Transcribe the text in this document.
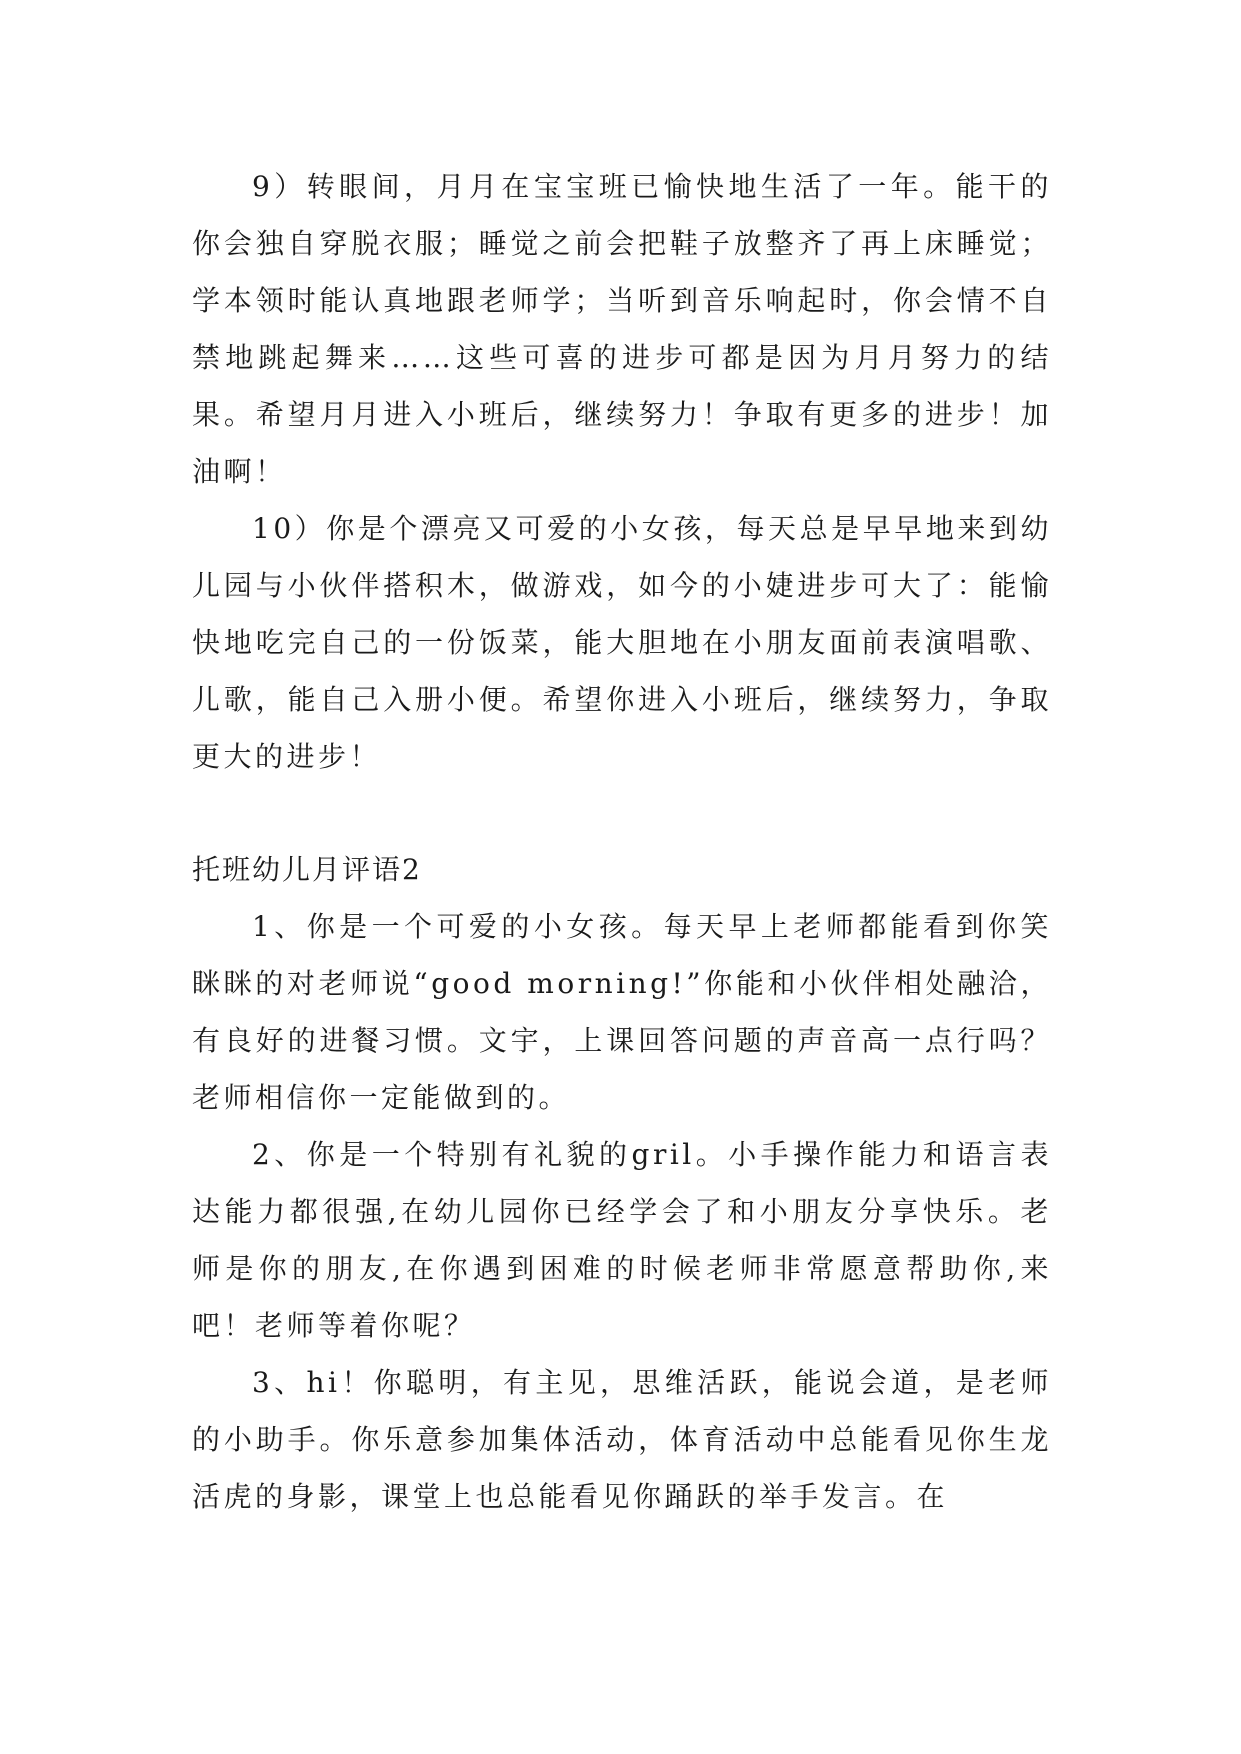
9）转眼间，月月在宝宝班已愉快地生活了一年。能干的你会独自穿脱衣服；睡觉之前会把鞋子放整齐了再上床睡觉；学本领时能认真地跟老师学；当听到音乐响起时，你会情不自禁地跳起舞来……这些可喜的进步可都是因为月月努力的结果。希望月月进入小班后，继续努力！争取有更多的进步！加油啊！

10）你是个漂亮又可爱的小女孩，每天总是早早地来到幼儿园与小伙伴搭积木，做游戏，如今的小婕进步可大了：能愉快地吃完自己的一份饭菜，能大胆地在小朋友面前表演唱歌、儿歌，能自己入册小便。希望你进入小班后，继续努力，争取更大的进步！

托班幼儿月评语2

1、你是一个可爱的小女孩。每天早上老师都能看到你笑眯眯的对老师说“good morning!”你能和小伙伴相处融洽，有良好的进餐习惯。文宇，上课回答问题的声音高一点行吗？老师相信你一定能做到的。

2、你是一个特别有礼貌的gril。小手操作能力和语言表达能力都很强,在幼儿园你已经学会了和小朋友分享快乐。老师是你的朋友,在你遇到困难的时候老师非常愿意帮助你,来吧！老师等着你呢？

3、hi！你聪明，有主见，思维活跃，能说会道，是老师的小助手。你乐意参加集体活动，体育活动中总能看见你生龙活虎的身影，课堂上也总能看见你踊跃的举手发言。在
